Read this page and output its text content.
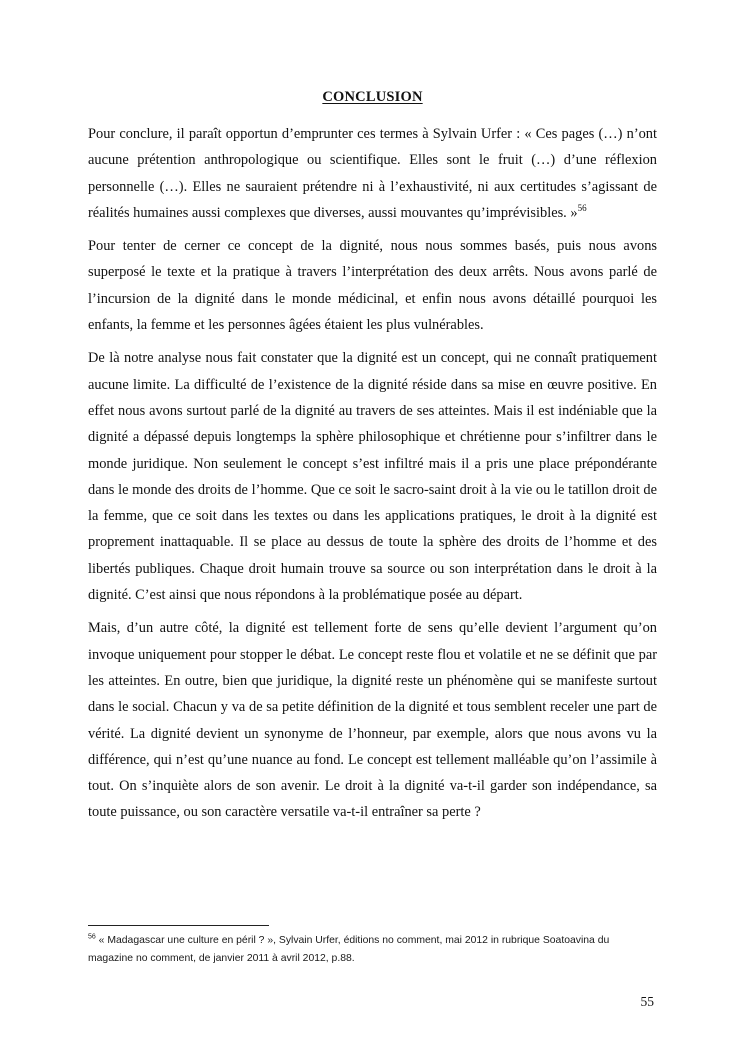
CONCLUSION

Pour conclure, il paraît opportun d’emprunter ces termes à Sylvain Urfer : « Ces pages (…) n’ont aucune prétention anthropologique ou scientifique. Elles sont le fruit (…) d’une réflexion personnelle (…). Elles ne sauraient prétendre ni à l’exhaustivité, ni aux certitudes s’agissant de réalités humaines aussi complexes que diverses, aussi mouvantes qu’imprévisibles. »$^{56}$

Pour tenter de cerner ce concept de la dignité, nous nous sommes basés, puis nous avons superposé le texte et la pratique à travers l’interprétation des deux arrêts. Nous avons parlé de l’incursion de la dignité dans le monde médicinal, et enfin nous avons détaillé pourquoi les enfants, la femme et les personnes âgées étaient les plus vulnérables.

De là notre analyse nous fait constater que la dignité est un concept, qui ne connaît pratiquement aucune limite. La difficulté de l’existence de la dignité réside dans sa mise en œuvre positive. En effet nous avons surtout parlé de la dignité au travers de ses atteintes. Mais il est indéniable que la dignité a dépassé depuis longtemps la sphère philosophique et chrétienne pour s’infiltrer dans le monde juridique. Non seulement le concept s’est infiltré mais il a pris une place prépondérante dans le monde des droits de l’homme. Que ce soit le sacro-saint droit à la vie ou le tatillon droit de la femme, que ce soit dans les textes ou dans les applications pratiques, le droit à la dignité est proprement inattaquable. Il se place au dessus de toute la sphère des droits de l’homme et des libertés publiques. Chaque droit humain trouve sa source ou son interprétation dans le droit à la dignité. C’est ainsi que nous répondons à la problématique posée au départ.

Mais, d’un autre côté, la dignité est tellement forte de sens qu’elle devient l’argument qu’on invoque uniquement pour stopper le débat. Le concept reste flou et volatile et ne se définit que par les atteintes. En outre, bien que juridique, la dignité reste un phénomène qui se manifeste surtout dans le social. Chacun y va de sa petite définition de la dignité et tous semblent receler une part de vérité. La dignité devient un synonyme de l’honneur, par exemple, alors que nous avons vu la différence, qui n’est qu’une nuance au fond. Le concept est tellement malléable qu’on l’assimile à tout. On s’inquiète alors de son avenir. Le droit à la dignité va-t-il garder son indépendance, sa toute puissance, ou son caractère versatile va-t-il entraîner sa perte ?

$^{56}$ « Madagascar une culture en péril ? », Sylvain Urfer, éditions no comment, mai 2012 in rubrique Soatoavina du magazine no comment, de janvier 2011 à avril 2012, p.88.
55
